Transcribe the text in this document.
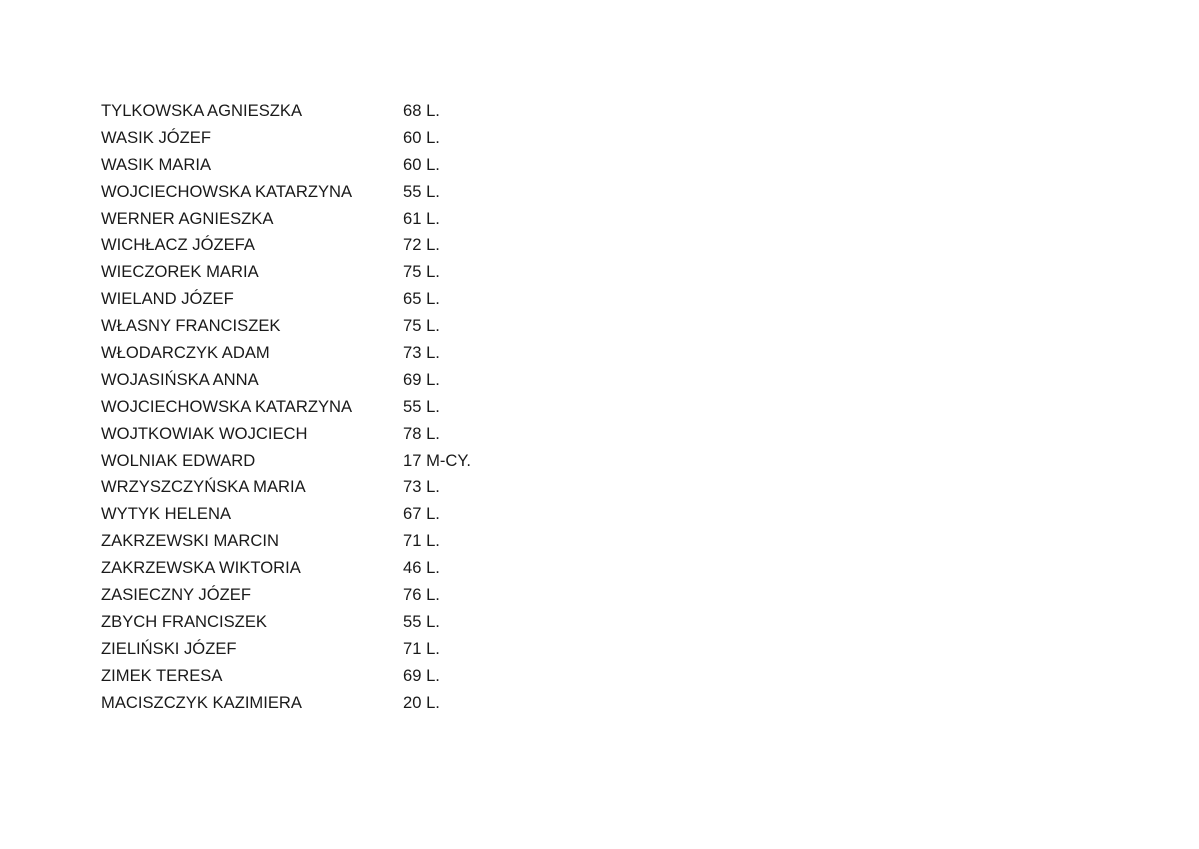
TYLKOWSKA AGNIESZKA	68 L.
WASIK JÓZEF	60 L.
WASIK MARIA	60 L.
WOJCIECHOWSKA KATARZYNA	55 L.
WERNER AGNIESZKA	61 L.
WICHŁACZ JÓZEFA	72 L.
WIECZOREK MARIA	75 L.
WIELAND JÓZEF	65 L.
WŁASNY FRANCISZEK	75 L.
WŁODARCZYK ADAM	73 L.
WOJASIŃSKA ANNA	69 L.
WOJCIECHOWSKA KATARZYNA	55 L.
WOJTKOWIAK WOJCIECH	78 L.
WOLNIAK EDWARD	17 M-CY.
WRZYSZCZYŃSKA MARIA	73 L.
WYTYK HELENA	67 L.
ZAKRZEWSKI MARCIN	71 L.
ZAKRZEWSKA WIKTORIA	46 L.
ZASIECZNY JÓZEF	76 L.
ZBYCH FRANCISZEK	55 L.
ZIELIŃSKI JÓZEF	71 L.
ZIMEK TERESA	69 L.
MACISZCZYK KAZIMIERA	20 L.
